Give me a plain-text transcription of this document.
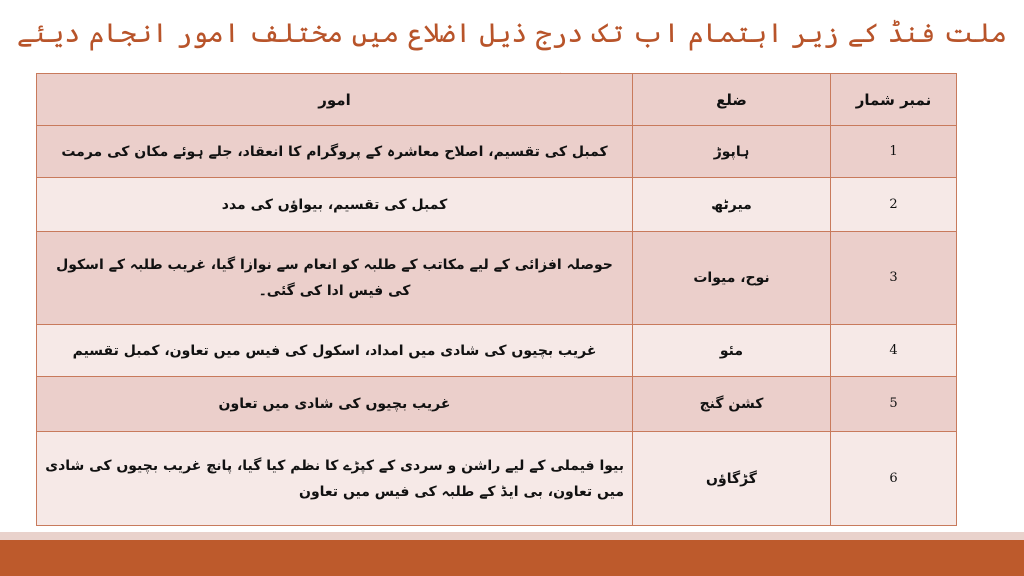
ملت فنڈ کے زیر اہتمام اب تک درج ذیل اضلاع میں مختلف امور انجام دیئے
نمبر شمار	ضلع	امور
1	ہاپوڑ	کمبل کی تقسیم، اصلاح معاشرہ کے پروگرام کا انعقاد، جلے ہوئے مکان کی مرمت
2	میرٹھ	کمبل کی تقسیم، بیواؤں کی مدد
3	نوح، میوات	حوصلہ افزائی کے لیے مکاتب کے طلبہ کو انعام سے نوازا گیا، غریب طلبہ کے اسکول کی فیس ادا کی گئی۔
4	مئو	غریب بچیوں کی شادی میں امداد، اسکول کی فیس میں تعاون، کمبل تقسیم
5	کشن گنج	غریب بچیوں کی شادی میں تعاون
6	گڑگاؤں	بیوا فیملی کے لیے راشن و سردی کے کپڑے کا نظم کیا گیا، پانچ غریب بچیوں کی شادی میں تعاون، بی ایڈ کے طلبہ کی فیس میں تعاون
